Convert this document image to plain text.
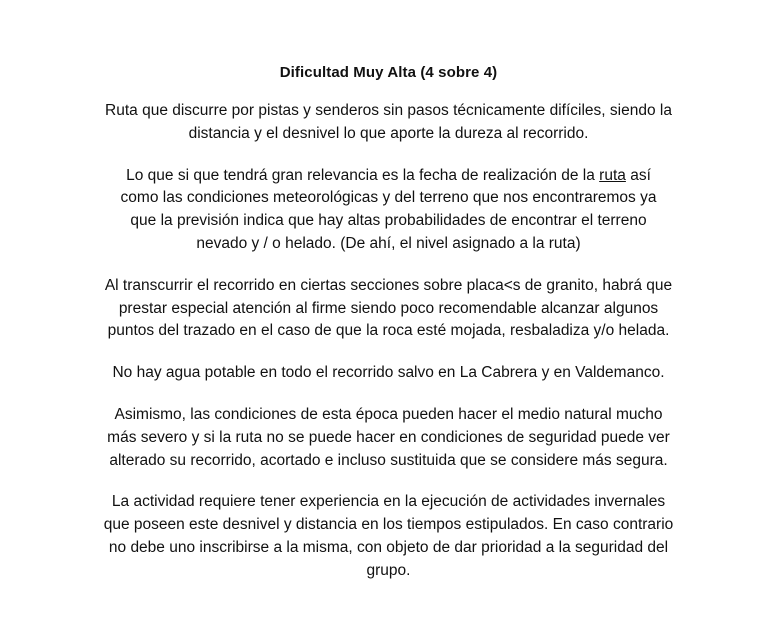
Dificultad Muy Alta (4 sobre 4)

Ruta que discurre por pistas y senderos sin pasos técnicamente difíciles, siendo la distancia y el desnivel lo que aporte la dureza al recorrido.

Lo que si que tendrá gran relevancia es la fecha de realización de la ruta así como las condiciones meteorológicas y del terreno que nos encontraremos ya que la previsión indica que hay altas probabilidades de encontrar el terreno nevado y / o helado. (De ahí, el nivel asignado a la ruta)

Al transcurrir el recorrido en ciertas secciones sobre placa<s de granito, habrá que prestar especial atención al firme siendo poco recomendable alcanzar algunos puntos del trazado en el caso de que la roca esté mojada, resbaladiza y/o helada.

No hay agua potable en todo el recorrido salvo en La Cabrera y en Valdemanco.

Asimismo, las condiciones de esta época pueden hacer el medio natural mucho más severo y si la ruta no se puede hacer en condiciones de seguridad puede ver alterado su recorrido, acortado e incluso sustituida que se considere más segura.

La actividad requiere tener experiencia en la ejecución de actividades invernales que poseen este desnivel y distancia en los tiempos estipulados. En caso contrario no debe uno inscribirse a la misma, con objeto de dar prioridad a la seguridad del grupo.
